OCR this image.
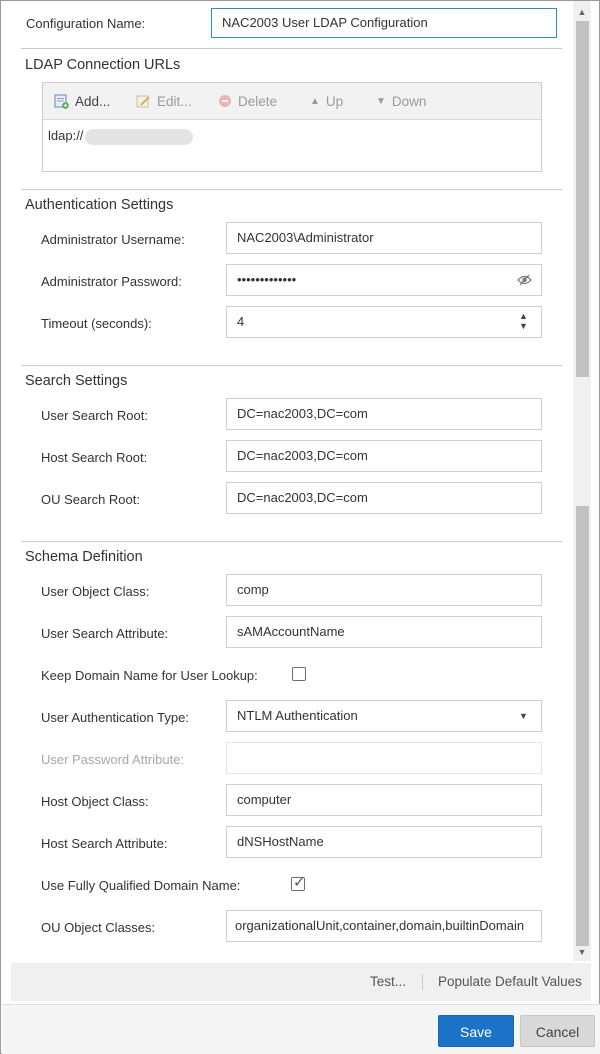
Configuration Name:	NAC2003 User LDAP Configuration
LDAP Connection URLs
Add...	Edit...	Delete	▲ Up	▼ Down
ldap://
Authentication Settings
Administrator Username:	NAC2003\Administrator
Administrator Password:	•••••••••••••
Timeout (seconds):	4	▲
▼
Search Settings
User Search Root:	DC=nac2003,DC=com
Host Search Root:	DC=nac2003,DC=com
OU Search Root:	DC=nac2003,DC=com
Schema Definition
User Object Class:	comp
User Search Attribute:	sAMAccountName
Keep Domain Name for User Lookup:
User Authentication Type:	NTLM Authentication	▼
User Password Attribute:
Host Object Class:	computer
Host Search Attribute:	dNSHostName
Use Fully Qualified Domain Name:	✓
OU Object Classes:	organizationalUnit,container,domain,builtinDomain
▲
▼
Test... Populate Default Values
Save	Cancel
